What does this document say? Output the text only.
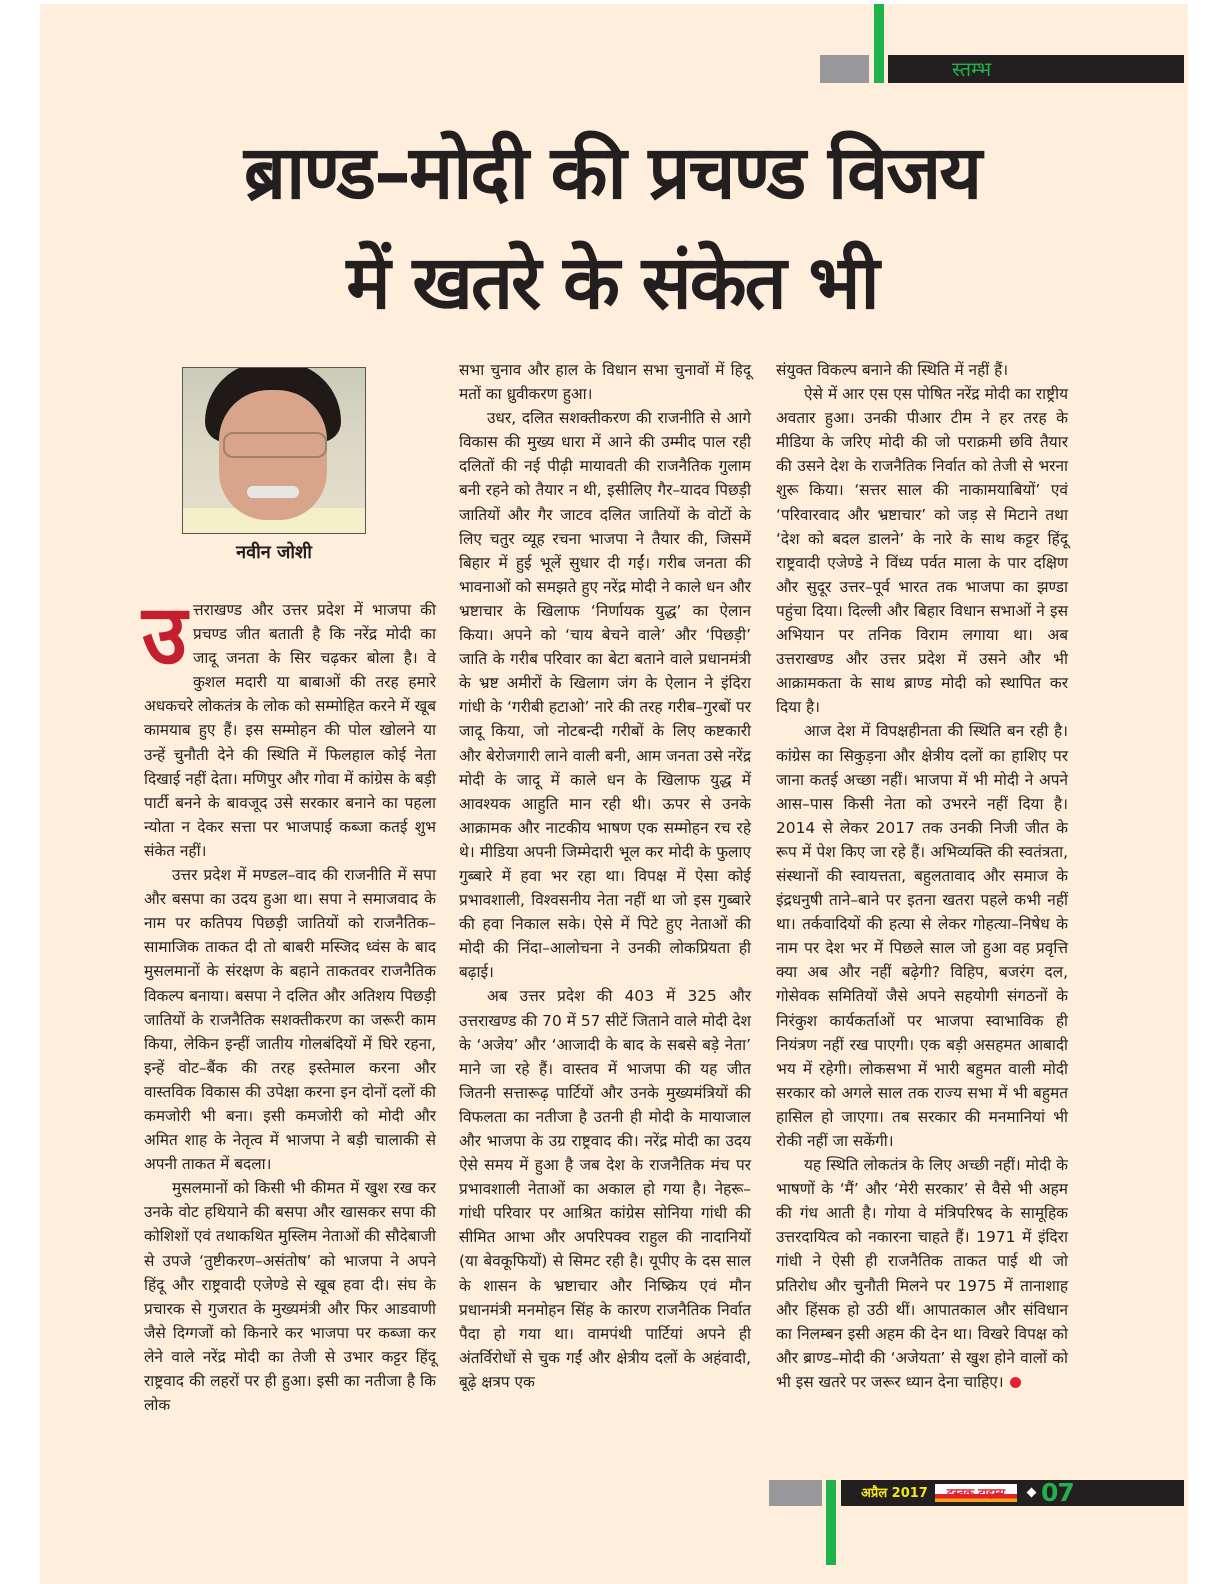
स्तम्भ
ब्राण्ड–मोदी की प्रचण्ड विजय
में खतरे के संकेत भी
नवीन जोशी

उत्तराखण्ड और उत्तर प्रदेश में भाजपा की प्रचण्ड जीत बताती है कि नरेंद्र मोदी का जादू जनता के सिर चढ़कर बोला है। वे कुशल मदारी या बाबाओं की तरह हमारे अधकचरे लोकतंत्र के लोक को सम्मोहित करने में खूब कामयाब हुए हैं। इस सम्मोहन की पोल खोलने या उन्हें चुनौती देने की स्थिति में फिलहाल कोई नेता दिखाई नहीं देता। मणिपुर और गोवा में कांग्रेस के बड़ी पार्टी बनने के बावजूद उसे सरकार बनाने का पहला न्योता न देकर सत्ता पर भाजपाई कब्जा कतई शुभ संकेत नहीं।

उत्तर प्रदेश में मण्डल–वाद की राजनीति में सपा और बसपा का उदय हुआ था। सपा ने समाजवाद के नाम पर कतिपय पिछड़ी जातियों को राजनैतिक–सामाजिक ताकत दी तो बाबरी मस्जिद ध्वंस के बाद मुसलमानों के संरक्षण के बहाने ताकतवर राजनैतिक विकल्प बनाया। बसपा ने दलित और अतिशय पिछड़ी जातियों के राजनैतिक सशक्तीकरण का जरूरी काम किया, लेकिन इन्हीं जातीय गोलबंदियों में घिरे रहना, इन्हें वोट–बैंक की तरह इस्तेमाल करना और वास्तविक विकास की उपेक्षा करना इन दोनों दलों की कमजोरी भी बना। इसी कमजोरी को मोदी और अमित शाह के नेतृत्व में भाजपा ने बड़ी चालाकी से अपनी ताकत में बदला।

मुसलमानों को किसी भी कीमत में खुश रख कर उनके वोट हथियाने की बसपा और खासकर सपा की कोशिशों एवं तथाकथित मुस्लिम नेताओं की सौदेबाजी से उपजे ‘तुष्टीकरण–असंतोष’ को भाजपा ने अपने हिंदू और राष्ट्रवादी एजेण्डे से खूब हवा दी। संघ के प्रचारक से गुजरात के मुख्यमंत्री और फिर आडवाणी जैसे दिग्गजों को किनारे कर भाजपा पर कब्जा कर लेने वाले नरेंद्र मोदी का तेजी से उभार कट्टर हिंदू राष्ट्रवाद की लहरों पर ही हुआ। इसी का नतीजा है कि लोक

सभा चुनाव और हाल के विधान सभा चुनावों में हिदू मतों का ध्रुवीकरण हुआ।

उधर, दलित सशक्तीकरण की राजनीति से आगे विकास की मुख्य धारा में आने की उम्मीद पाल रही दलितों की नई पीढ़ी मायावती की राजनैतिक गुलाम बनी रहने को तैयार न थी, इसीलिए गैर–यादव पिछड़ी जातियों और गैर जाटव दलित जातियों के वोटों के लिए चतुर व्यूह रचना भाजपा ने तैयार की, जिसमें बिहार में हुई भूलें सुधार दी गईं। गरीब जनता की भावनाओं को समझते हुए नरेंद्र मोदी ने काले धन और भ्रष्टाचार के खिलाफ ‘निर्णायक युद्ध’ का ऐलान किया। अपने को ‘चाय बेचने वाले’ और ‘पिछड़ी’ जाति के गरीब परिवार का बेटा बताने वाले प्रधानमंत्री के भ्रष्ट अमीरों के खिलाग जंग के ऐलान ने इंदिरा गांधी के ‘गरीबी हटाओ’ नारे की तरह गरीब–गुरबों पर जादू किया, जो नोटबन्दी गरीबों के लिए कष्टकारी और बेरोजगारी लाने वाली बनी, आम जनता उसे नरेंद्र मोदी के जादू में काले धन के खिलाफ युद्ध में आवश्यक आहुति मान रही थी। ऊपर से उनके आक्रामक और नाटकीय भाषण एक सम्मोहन रच रहे थे। मीडिया अपनी जिम्मेदारी भूल कर मोदी के फुलाए गुब्बारे में हवा भर रहा था। विपक्ष में ऐसा कोई प्रभावशाली, विश्वसनीय नेता नहीं था जो इस गुब्बारे की हवा निकाल सके। ऐसे में पिटे हुए नेताओं की मोदी की निंदा–आलोचना ने उनकी लोकप्रियता ही बढ़ाई।

अब उत्तर प्रदेश की 403 में 325 और उत्तराखण्ड की 70 में 57 सीटें जिताने वाले मोदी देश के ‘अजेय’ और ‘आजादी के बाद के सबसे बड़े नेता’ माने जा रहे हैं। वास्तव में भाजपा की यह जीत जितनी सत्तारूढ़ पार्टियों और उनके मुख्यमंत्रियों की विफलता का नतीजा है उतनी ही मोदी के मायाजाल और भाजपा के उग्र राष्ट्रवाद की। नरेंद्र मोदी का उदय ऐसे समय में हुआ है जब देश के राजनैतिक मंच पर प्रभावशाली नेताओं का अकाल हो गया है। नेहरू–गांधी परिवार पर आश्रित कांग्रेस सोनिया गांधी की सीमित आभा और अपरिपक्व राहुल की नादानियों (या बेवकूफियों) से सिमट रही है। यूपीए के दस साल के शासन के भ्रष्टाचार और निष्क्रिय एवं मौन प्रधानमंत्री मनमोहन सिंह के कारण राजनैतिक निर्वात पैदा हो गया था। वामपंथी पार्टियां अपने ही अंतर्विरोधों से चुक गईं और क्षेत्रीय दलों के अहंवादी, बूढ़े क्षत्रप एक

संयुक्त विकल्प बनाने की स्थिति में नहीं हैं।

ऐसे में आर एस एस पोषित नरेंद्र मोदी का राष्ट्रीय अवतार हुआ। उनकी पीआर टीम ने हर तरह के मीडिया के जरिए मोदी की जो पराक्रमी छवि तैयार की उसने देश के राजनैतिक निर्वात को तेजी से भरना शुरू किया। ‘सत्तर साल की नाकामयाबियों’ एवं ‘परिवारवाद और भ्रष्टाचार’ को जड़ से मिटाने तथा ‘देश को बदल डालने’ के नारे के साथ कट्टर हिंदू राष्ट्रवादी एजेण्डे ने विंध्य पर्वत माला के पार दक्षिण और सुदूर उत्तर–पूर्व भारत तक भाजपा का झण्डा पहुंचा दिया। दिल्ली और बिहार विधान सभाओं ने इस अभियान पर तनिक विराम लगाया था। अब उत्तराखण्ड और उत्तर प्रदेश में उसने और भी आक्रामकता के साथ ब्राण्ड मोदी को स्थापित कर दिया है।

आज देश में विपक्षहीनता की स्थिति बन रही है। कांग्रेस का सिकुड़ना और क्षेत्रीय दलों का हाशिए पर जाना कतई अच्छा नहीं। भाजपा में भी मोदी ने अपने आस–पास किसी नेता को उभरने नहीं दिया है। 2014 से लेकर 2017 तक उनकी निजी जीत के रूप में पेश किए जा रहे हैं। अभिव्यक्ति की स्वतंत्रता, संस्थानों की स्वायत्तता, बहुलतावाद और समाज के इंद्रधनुषी ताने–बाने पर इतना खतरा पहले कभी नहीं था। तर्कवादियों की हत्या से लेकर गोहत्या–निषेध के नाम पर देश भर में पिछले साल जो हुआ वह प्रवृत्ति क्या अब और नहीं बढ़ेगी? विहिप, बजरंग दल, गोसेवक समितियों जैसे अपने सहयोगी संगठनों के निरंकुश कार्यकर्ताओं पर भाजपा स्वाभाविक ही नियंत्रण नहीं रख पाएगी। एक बड़ी असहमत आबादी भय में रहेगी। लोकसभा में भारी बहुमत वाली मोदी सरकार को अगले साल तक राज्य सभा में भी बहुमत हासिल हो जाएगा। तब सरकार की मनमानियां भी रोकी नहीं जा सकेंगी।

यह स्थिति लोकतंत्र के लिए अच्छी नहीं। मोदी के भाषणों के ‘मैं’ और ‘मेरी सरकार’ से वैसे भी अहम की गंध आती है। गोया वे मंत्रिपरिषद के सामूहिक उत्तरदायित्व को नकारना चाहते हैं। 1971 में इंदिरा गांधी ने ऐसी ही राजनैतिक ताकत पाई थी जो प्रतिरोध और चुनौती मिलने पर 1975 में तानाशाह और हिंसक हो उठी थीं। आपातकाल और संविधान का निलम्बन इसी अहम की देन था। विखरे विपक्ष को और ब्राण्ड–मोदी की ‘अजेयता’ से खुश होने वालों को भी इस खतरे पर जरूर ध्यान देना चाहिए।

अप्रैल 2017	दस्तक टाइम्स	07
